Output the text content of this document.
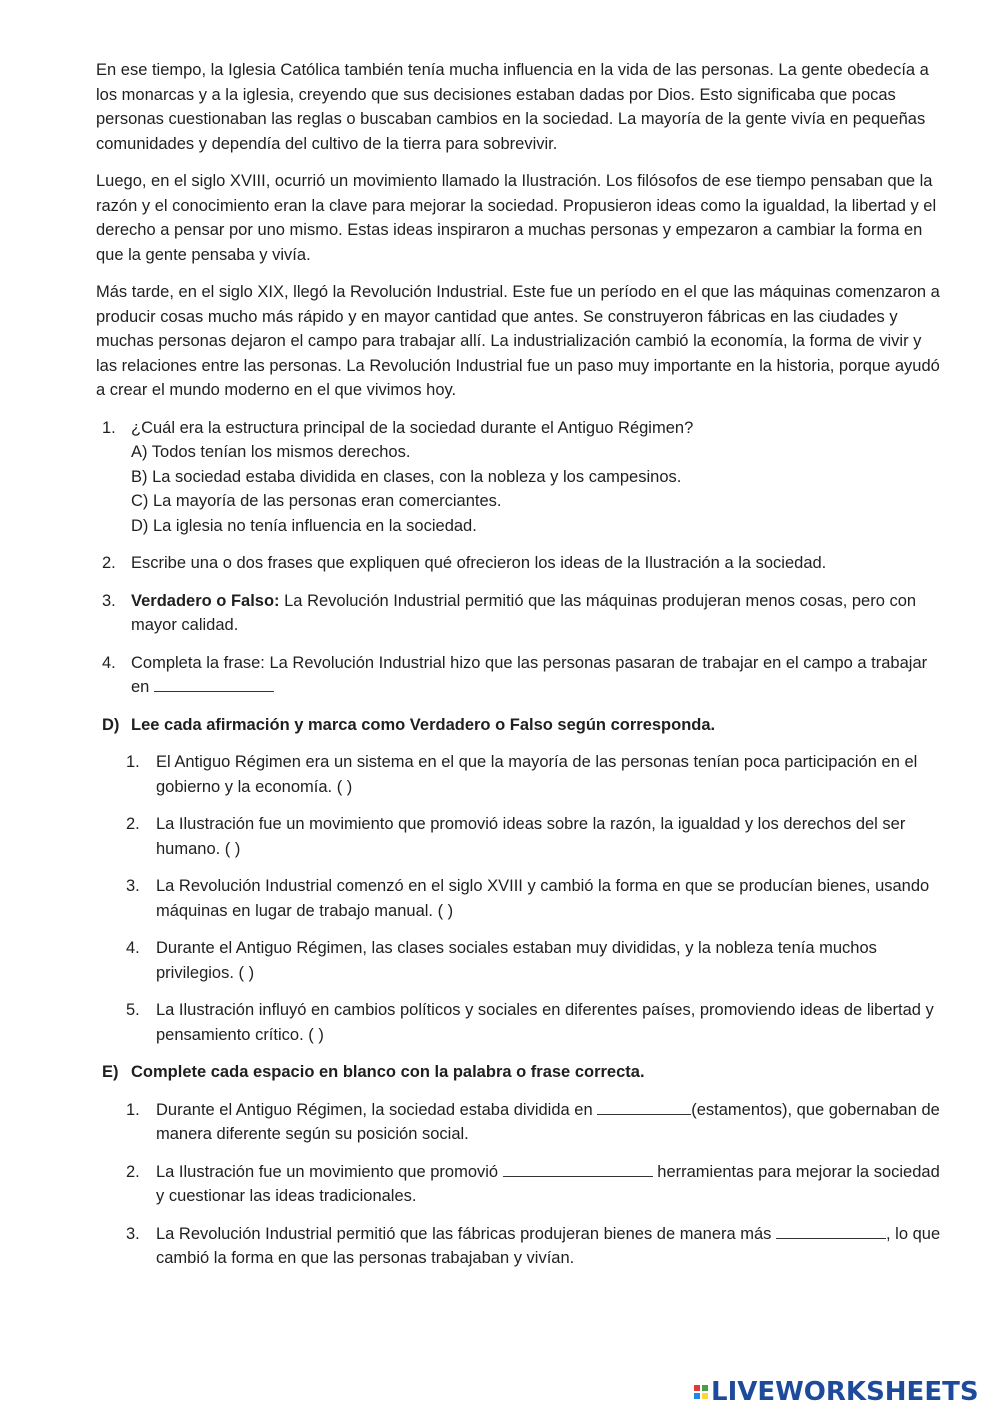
En ese tiempo, la Iglesia Católica también tenía mucha influencia en la vida de las personas. La gente obedecía a los monarcas y a la iglesia, creyendo que sus decisiones estaban dadas por Dios. Esto significaba que pocas personas cuestionaban las reglas o buscaban cambios en la sociedad. La mayoría de la gente vivía en pequeñas comunidades y dependía del cultivo de la tierra para sobrevivir.

Luego, en el siglo XVIII, ocurrió un movimiento llamado la Ilustración. Los filósofos de ese tiempo pensaban que la razón y el conocimiento eran la clave para mejorar la sociedad. Propusieron ideas como la igualdad, la libertad y el derecho a pensar por uno mismo. Estas ideas inspiraron a muchas personas y empezaron a cambiar la forma en que la gente pensaba y vivía.

Más tarde, en el siglo XIX, llegó la Revolución Industrial. Este fue un período en el que las máquinas comenzaron a producir cosas mucho más rápido y en mayor cantidad que antes. Se construyeron fábricas en las ciudades y muchas personas dejaron el campo para trabajar allí. La industrialización cambió la economía, la forma de vivir y las relaciones entre las personas. La Revolución Industrial fue un paso muy importante en la historia, porque ayudó a crear el mundo moderno en el que vivimos hoy.

1. ¿Cuál era la estructura principal de la sociedad durante el Antiguo Régimen?
A) Todos tenían los mismos derechos.
B) La sociedad estaba dividida en clases, con la nobleza y los campesinos.
C) La mayoría de las personas eran comerciantes.
D) La iglesia no tenía influencia en la sociedad.
2. Escribe una o dos frases que expliquen qué ofrecieron los ideas de la Ilustración a la sociedad.
3. Verdadero o Falso: La Revolución Industrial permitió que las máquinas produjeran menos cosas, pero con mayor calidad.
4. Completa la frase: La Revolución Industrial hizo que las personas pasaran de trabajar en el campo a trabajar en
D) Lee cada afirmación y marca como Verdadero o Falso según corresponda.
1. El Antiguo Régimen era un sistema en el que la mayoría de las personas tenían poca participación en el gobierno y la economía. ( )
2. La Ilustración fue un movimiento que promovió ideas sobre la razón, la igualdad y los derechos del ser humano. ( )
3. La Revolución Industrial comenzó en el siglo XVIII y cambió la forma en que se producían bienes, usando máquinas en lugar de trabajo manual. ( )
4. Durante el Antiguo Régimen, las clases sociales estaban muy divididas, y la nobleza tenía muchos privilegios. ( )
5. La Ilustración influyó en cambios políticos y sociales en diferentes países, promoviendo ideas de libertad y pensamiento crítico. ( )
E) Complete cada espacio en blanco con la palabra o frase correcta.
1. Durante el Antiguo Régimen, la sociedad estaba dividida en	(estamentos), que gobernaban de manera diferente según su posición social.
2. La Ilustración fue un movimiento que promovió	herramientas para mejorar la sociedad y cuestionar las ideas tradicionales.
3. La Revolución Industrial permitió que las fábricas produjeran bienes de manera más	, lo que cambió la forma en que las personas trabajaban y vivían.
LIVEWORKSHEETS
